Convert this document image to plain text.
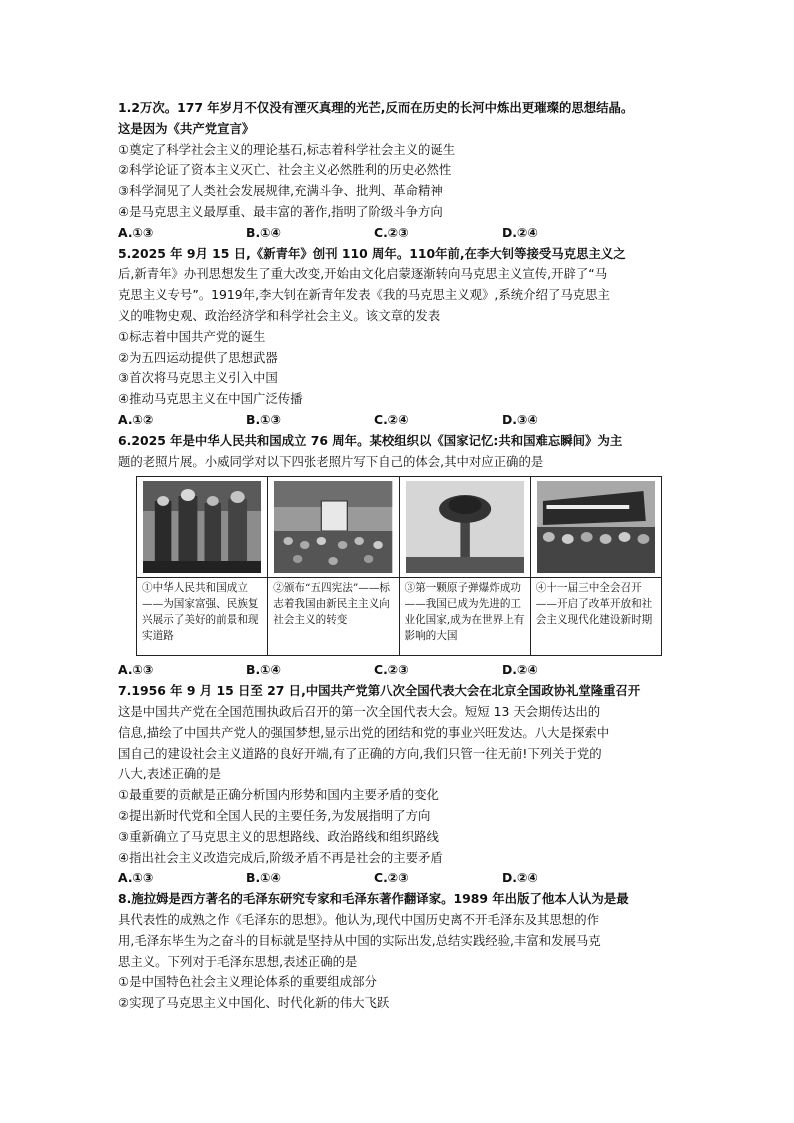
1.2万次。177 年岁月不仅没有湮灭真理的光芒,反而在历史的长河中炼出更璀璨的思想结晶。
这是因为《共产党宣言》
①奠定了科学社会主义的理论基石,标志着科学社会主义的诞生
②科学论证了资本主义灭亡、社会主义必然胜利的历史必然性
③科学洞见了人类社会发展规律,充满斗争、批判、革命精神
④是马克思主义最厚重、最丰富的著作,指明了阶级斗争方向
A.①③	B.①④	C.②③	D.②④
5.2025 年 9月 15 日,《新青年》创刊 110 周年。110年前,在李大钊等接受马克思主义之
后,新青年》办刊思想发生了重大改变,开始由文化启蒙逐渐转向马克思主义宣传,开辟了“马
克思主义专号”。1919年,李大钊在新青年发表《我的马克思主义观》,系统介绍了马克思主
义的唯物史观、政治经济学和科学社会主义。该文章的发表
①标志着中国共产党的诞生
②为五四运动提供了思想武器
③首次将马克思主义引入中国
④推动马克思主义在中国广泛传播
A.①②	B.①③	C.②④	D.③④
6.2025 年是中华人民共和国成立 76 周年。某校组织以《国家记忆:共和国难忘瞬间》为主
题的老照片展。小威同学对以下四张老照片写下自己的体会,其中对应正确的是
①中华人民共和国成立——为国家富强、民族复兴展示了美好的前景和现实道路
②颁布“五四宪法”——标志着我国由新民主主义向社会主义的转变
③第一颗原子弹爆炸成功——我国已成为先进的工业化国家,成为在世界上有影响的大国
④十一届三中全会召开——开启了改革开放和社会主义现代化建设新时期
A.①③	B.①④	C.②③	D.②④
7.1956 年 9 月 15 日至 27 日,中国共产党第八次全国代表大会在北京全国政协礼堂隆重召开
这是中国共产党在全国范围执政后召开的第一次全国代表大会。短短 13 天会期传达出的
信息,描绘了中国共产党人的强国梦想,显示出党的团结和党的事业兴旺发达。八大是探索中
国自己的建设社会主义道路的良好开端,有了正确的方向,我们只管一往无前!下列关于党的
八大,表述正确的是
①最重要的贡献是正确分析国内形势和国内主要矛盾的变化
②提出新时代党和全国人民的主要任务,为发展指明了方向
③重新确立了马克思主义的思想路线、政治路线和组织路线
④指出社会主义改造完成后,阶级矛盾不再是社会的主要矛盾
A.①③	B.①④	C.②③	D.②④
8.施拉姆是西方著名的毛泽东研究专家和毛泽东著作翻译家。1989 年出版了他本人认为是最
具代表性的成熟之作《毛泽东的思想》。他认为,现代中国历史离不开毛泽东及其思想的作
用,毛泽东毕生为之奋斗的目标就是坚持从中国的实际出发,总结实践经验,丰富和发展马克
思主义。下列对于毛泽东思想,表述正确的是
①是中国特色社会主义理论体系的重要组成部分
②实现了马克思主义中国化、时代化新的伟大飞跃
